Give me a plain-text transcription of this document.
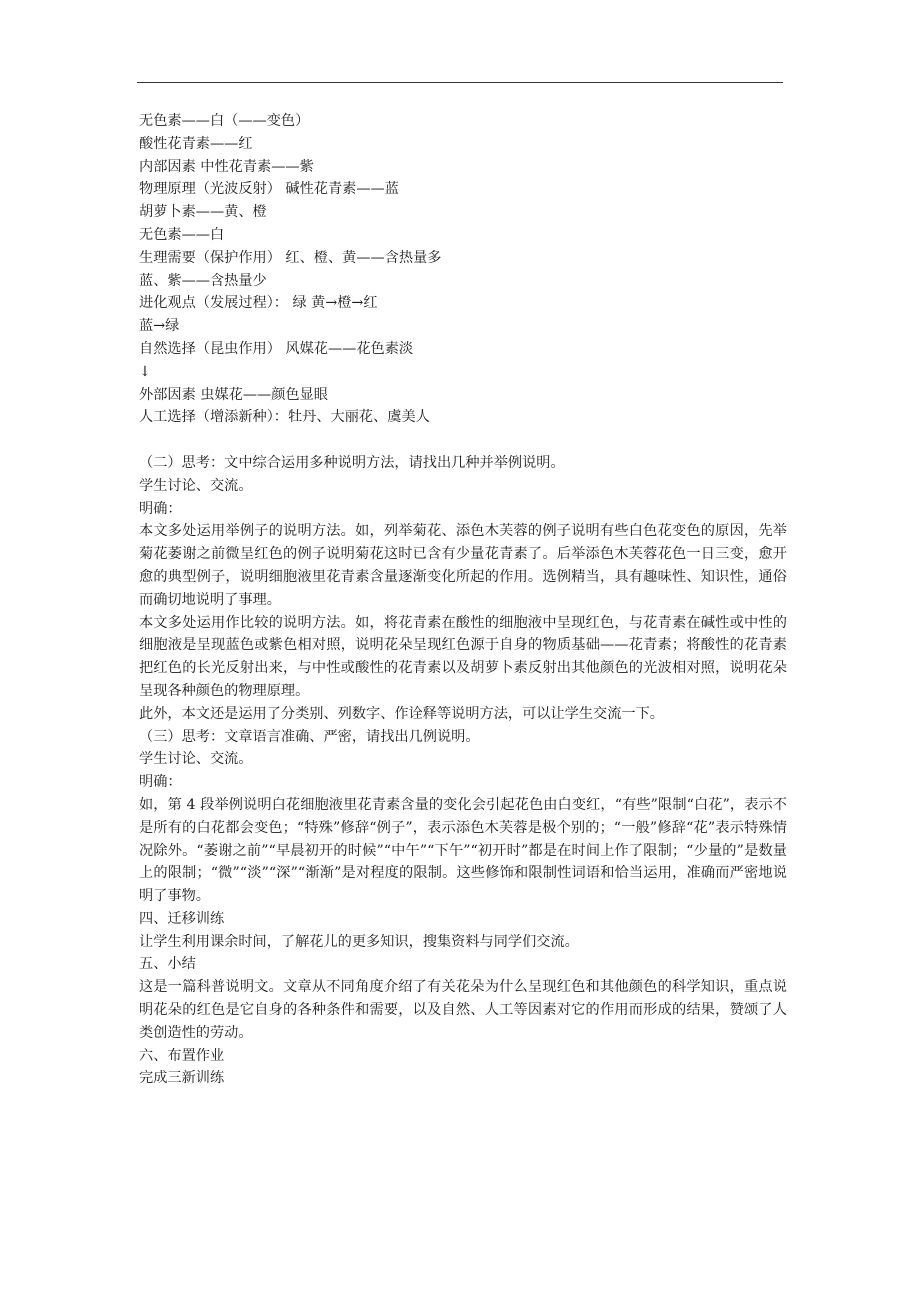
无色素——白（——变色）
酸性花青素——红
内部因素 中性花青素——紫
物理原理（光波反射） 碱性花青素——蓝
胡萝卜素——黄、橙
无色素——白
生理需要（保护作用） 红、橙、黄——含热量多
蓝、紫——含热量少
进化观点（发展过程）： 绿 黄→橙→红
蓝→绿
自然选择（昆虫作用） 风媒花——花色素淡
↓
外部因素 虫媒花——颜色显眼
人工选择（增添新种）：牡丹、大丽花、虞美人
（二）思考：文中综合运用多种说明方法，请找出几种并举例说明。
学生讨论、交流。
明确：
本文多处运用举例子的说明方法。如，列举菊花、添色木芙蓉的例子说明有些白色花变色的原因，先举菊花萎谢之前微呈红色的例子说明菊花这时已含有少量花青素了。后举添色木芙蓉花色一日三变，愈开愈的典型例子，说明细胞液里花青素含量逐渐变化所起的作用。选例精当，具有趣味性、知识性，通俗而确切地说明了事理。
本文多处运用作比较的说明方法。如，将花青素在酸性的细胞液中呈现红色，与花青素在碱性或中性的细胞液是呈现蓝色或紫色相对照，说明花朵呈现红色源于自身的物质基础——花青素；将酸性的花青素把红色的长光反射出来，与中性或酸性的花青素以及胡萝卜素反射出其他颜色的光波相对照，说明花朵呈现各种颜色的物理原理。
此外，本文还是运用了分类别、列数字、作诠释等说明方法，可以让学生交流一下。
（三）思考：文章语言准确、严密，请找出几例说明。
学生讨论、交流。
明确：
如，第 4 段举例说明白花细胞液里花青素含量的变化会引起花色由白变红，“有些”限制“白花”，表示不是所有的白花都会变色；“特殊”修辞“例子”，表示添色木芙蓉是极个别的；“一般”修辞“花”表示特殊情况除外。“萎谢之前”“早晨初开的时候”“中午”“下午”“初开时”都是在时间上作了限制；“少量的”是数量上的限制；“微”“淡”“深”“渐渐”是对程度的限制。这些修饰和限制性词语和恰当运用，准确而严密地说明了事物。
四、迁移训练
让学生利用课余时间，了解花儿的更多知识，搜集资料与同学们交流。
五、小结
这是一篇科普说明文。文章从不同角度介绍了有关花朵为什么呈现红色和其他颜色的科学知识，重点说明花朵的红色是它自身的各种条件和需要，以及自然、人工等因素对它的作用而形成的结果，赞颂了人类创造性的劳动。
六、布置作业
完成三新训练
